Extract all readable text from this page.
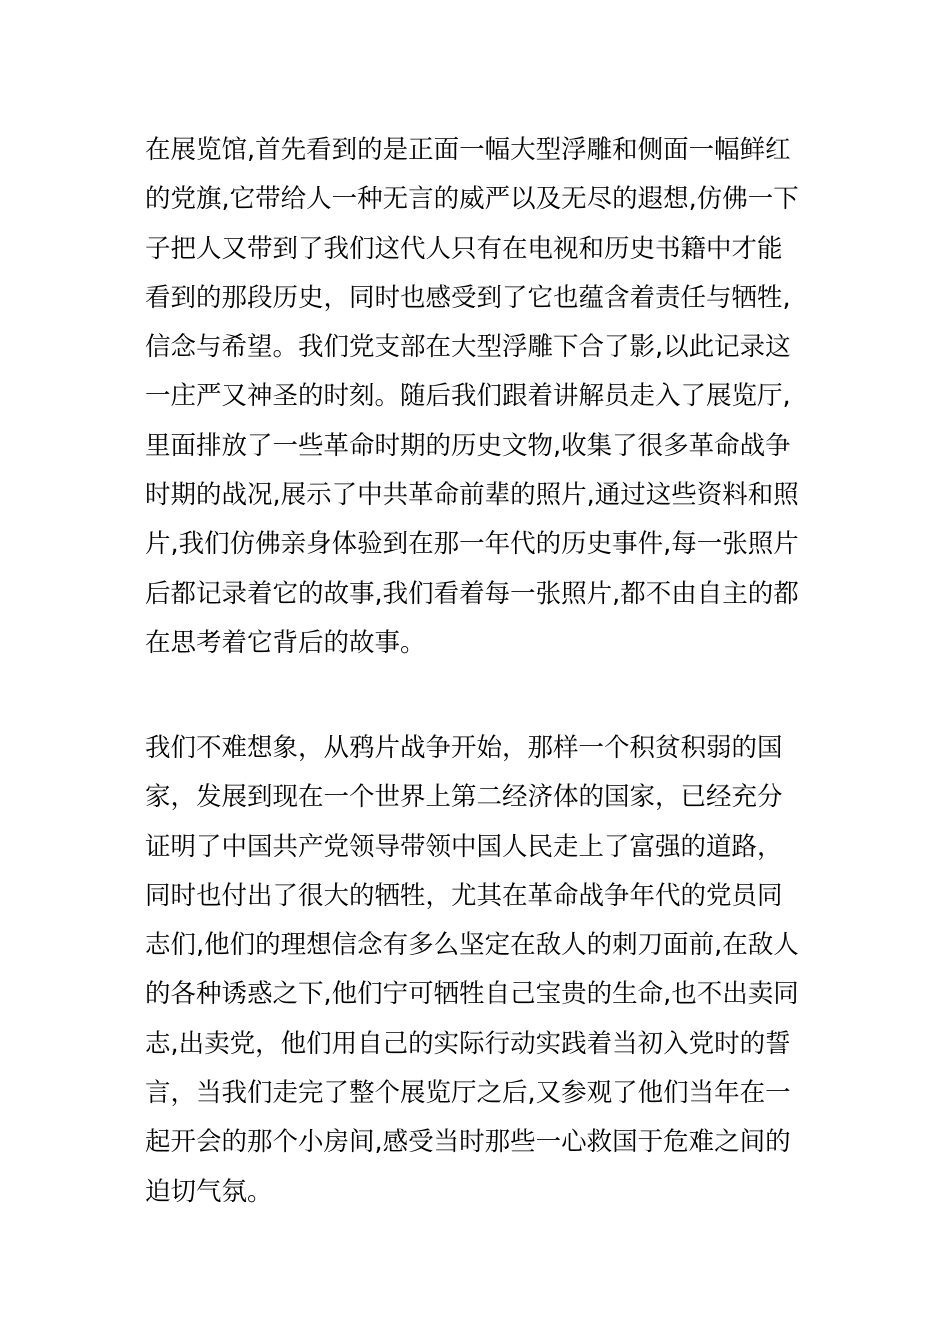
在展览馆,首先看到的是正面一幅大型浮雕和侧面一幅鲜红
的党旗,它带给人一种无言的威严以及无尽的遐想,仿佛一下
子把人又带到了我们这代人只有在电视和历史书籍中才能
看到的那段历史，同时也感受到了它也蕴含着责任与牺牲,
信念与希望。我们党支部在大型浮雕下合了影,以此记录这
一庄严又神圣的时刻。随后我们跟着讲解员走入了展览厅,
里面排放了一些革命时期的历史文物,收集了很多革命战争
时期的战况,展示了中共革命前辈的照片,通过这些资料和照
片,我们仿佛亲身体验到在那一年代的历史事件,每一张照片
后都记录着它的故事,我们看着每一张照片,都不由自主的都
在思考着它背后的故事。

我们不难想象，从鸦片战争开始，那样一个积贫积弱的国
家，发展到现在一个世界上第二经济体的国家，已经充分
证明了中国共产党领导带领中国人民走上了富强的道路，
同时也付出了很大的牺牲，尤其在革命战争年代的党员同
志们,他们的理想信念有多么坚定在敌人的刺刀面前,在敌人
的各种诱惑之下,他们宁可牺牲自己宝贵的生命,也不出卖同
志,出卖党，他们用自己的实际行动实践着当初入党时的誓
言，当我们走完了整个展览厅之后,又参观了他们当年在一
起开会的那个小房间,感受当时那些一心救国于危难之间的
迫切气氛。
